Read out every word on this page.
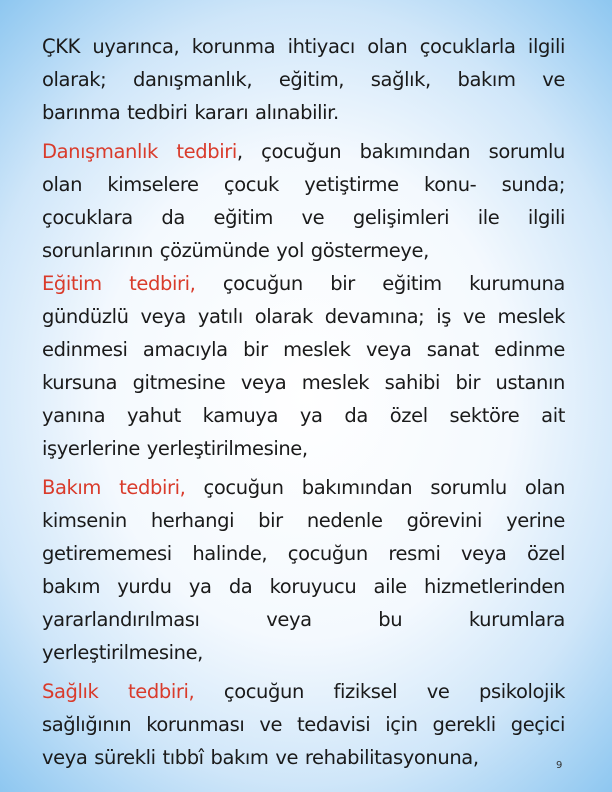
ÇKK uyarınca, korunma ihtiyacı olan çocuklarla ilgili
olarak; danışmanlık, eğitim, sağlık, bakım ve
barınma tedbiri kararı alınabilir.
Danışmanlık tedbiri, çocuğun bakımından sorumlu
olan kimselere çocuk yetiştirme konu- sunda;
çocuklara da eğitim ve gelişimleri ile ilgili
sorunlarının çözümünde yol göstermeye,
Eğitim tedbiri, çocuğun bir eğitim kurumuna
gündüzlü veya yatılı olarak devamına; iş ve meslek
edinmesi amacıyla bir meslek veya sanat edinme
kursuna gitmesine veya meslek sahibi bir ustanın
yanına yahut kamuya ya da özel sektöre ait
işyerlerine yerleştirilmesine,
Bakım tedbiri, çocuğun bakımından sorumlu olan
kimsenin herhangi bir nedenle görevini yerine
getirememesi halinde, çocuğun resmi veya özel
bakım yurdu ya da koruyucu aile hizmetlerinden
yararlandırılması veya bu kurumlara
yerleştirilmesine,
Sağlık tedbiri, çocuğun fiziksel ve psikolojik
sağlığının korunması ve tedavisi için gerekli geçici
veya sürekli tıbbî bakım ve rehabilitasyonuna,	9
